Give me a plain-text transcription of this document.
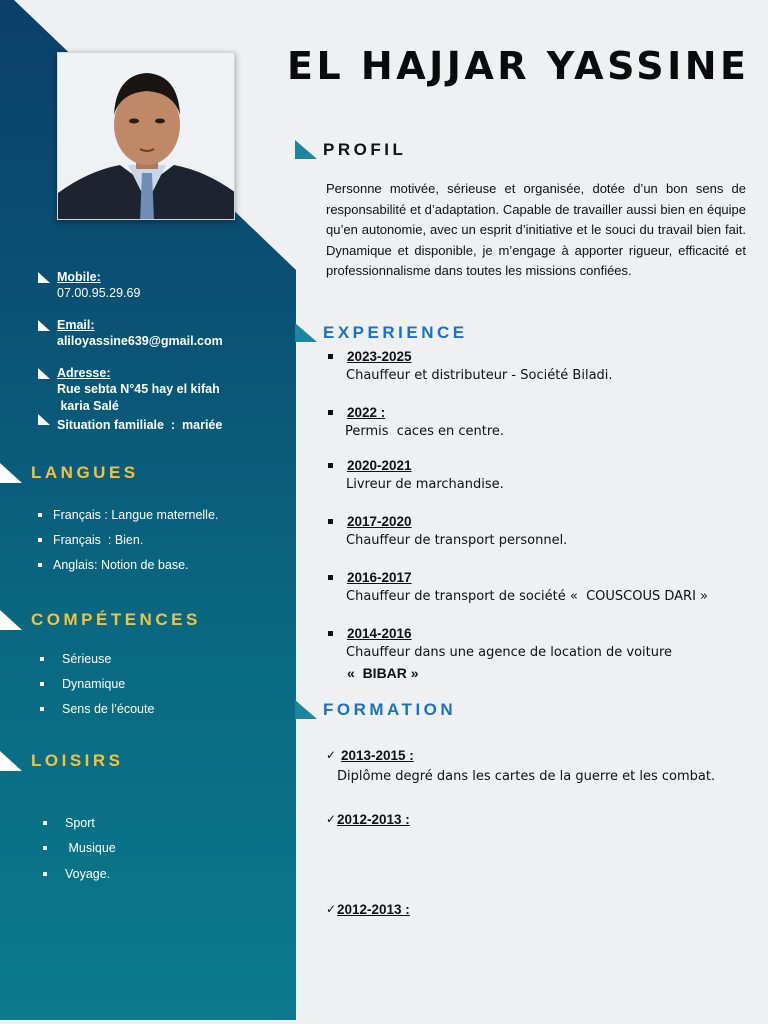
Mobile:
07.00.95.29.69
Email:
aliloyassine639@gmail.com
Adresse:
Rue sebta N°45 hay el kifah
karia Salé
Situation familiale  :  mariée
LANGUES
Français : Langue maternelle.
Français  : Bien.
Anglais: Notion de base.
COMPÉTENCES
Sérieuse
Dynamique
Sens de l’écoute
LOISIRS
Sport
Musique
Voyage.
EL HAJJAR YASSINE
PROFIL
Personne motivée, sérieuse et organisée, dotée d’un bon sens de responsabilité et d’adaptation. Capable de travailler aussi bien en équipe qu’en autonomie, avec un esprit d’initiative et le souci du travail bien fait. Dynamique et disponible, je m’engage à apporter rigueur, efficacité et professionnalisme dans toutes les missions confiées.
EXPERIENCE
2023-2025
Chauffeur et distributeur - Société Biladi.
2022 :
Permis  caces en centre.
2020-2021
Livreur de marchandise.
2017-2020
Chauffeur de transport personnel.
2016-2017
Chauffeur de transport de société «  COUSCOUS DARI »
2014-2016
Chauffeur dans une agence de location de voiture
«  BIBAR »
FORMATION
✓ 2013-2015 :
Diplôme degré dans les cartes de la guerre et les combat.
✓ 2012-2013 :
✓ 2012-2013 :
